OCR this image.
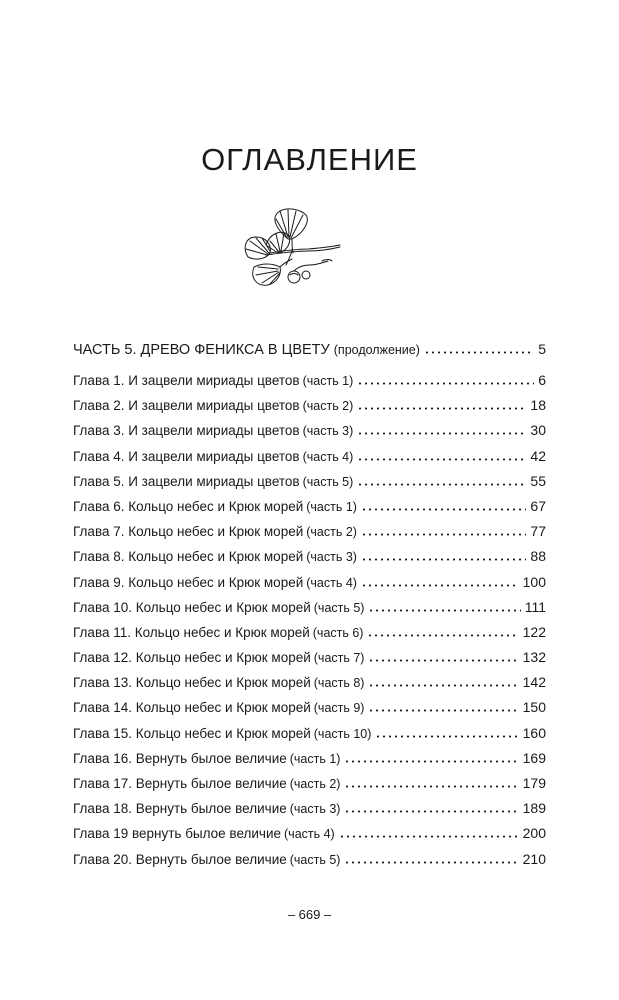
ОГЛАВЛЕНИЕ
ЧАСТЬ 5. ДРЕВО ФЕНИКСА В ЦВЕТУ (продолжение)	5
Глава 1. И зацвели мириады цветов (часть 1)	6
Глава 2. И зацвели мириады цветов (часть 2)	18
Глава 3. И зацвели мириады цветов (часть 3)	30
Глава 4. И зацвели мириады цветов (часть 4)	42
Глава 5. И зацвели мириады цветов (часть 5)	55
Глава 6. Кольцо небес и Крюк морей (часть 1)	67
Глава 7. Кольцо небес и Крюк морей (часть 2)	77
Глава 8. Кольцо небес и Крюк морей (часть 3)	88
Глава 9. Кольцо небес и Крюк морей (часть 4)	100
Глава 10. Кольцо небес и Крюк морей (часть 5)	111
Глава 11. Кольцо небес и Крюк морей (часть 6)	122
Глава 12. Кольцо небес и Крюк морей (часть 7)	132
Глава 13. Кольцо небес и Крюк морей (часть 8)	142
Глава 14. Кольцо небес и Крюк морей (часть 9)	150
Глава 15. Кольцо небес и Крюк морей (часть 10)	160
Глава 16. Вернуть былое величие (часть 1)	169
Глава 17. Вернуть былое величие (часть 2)	179
Глава 18. Вернуть былое величие (часть 3)	189
Глава 19 вернуть былое величие (часть 4)	200
Глава 20. Вернуть былое величие (часть 5)	210
– 669 –
